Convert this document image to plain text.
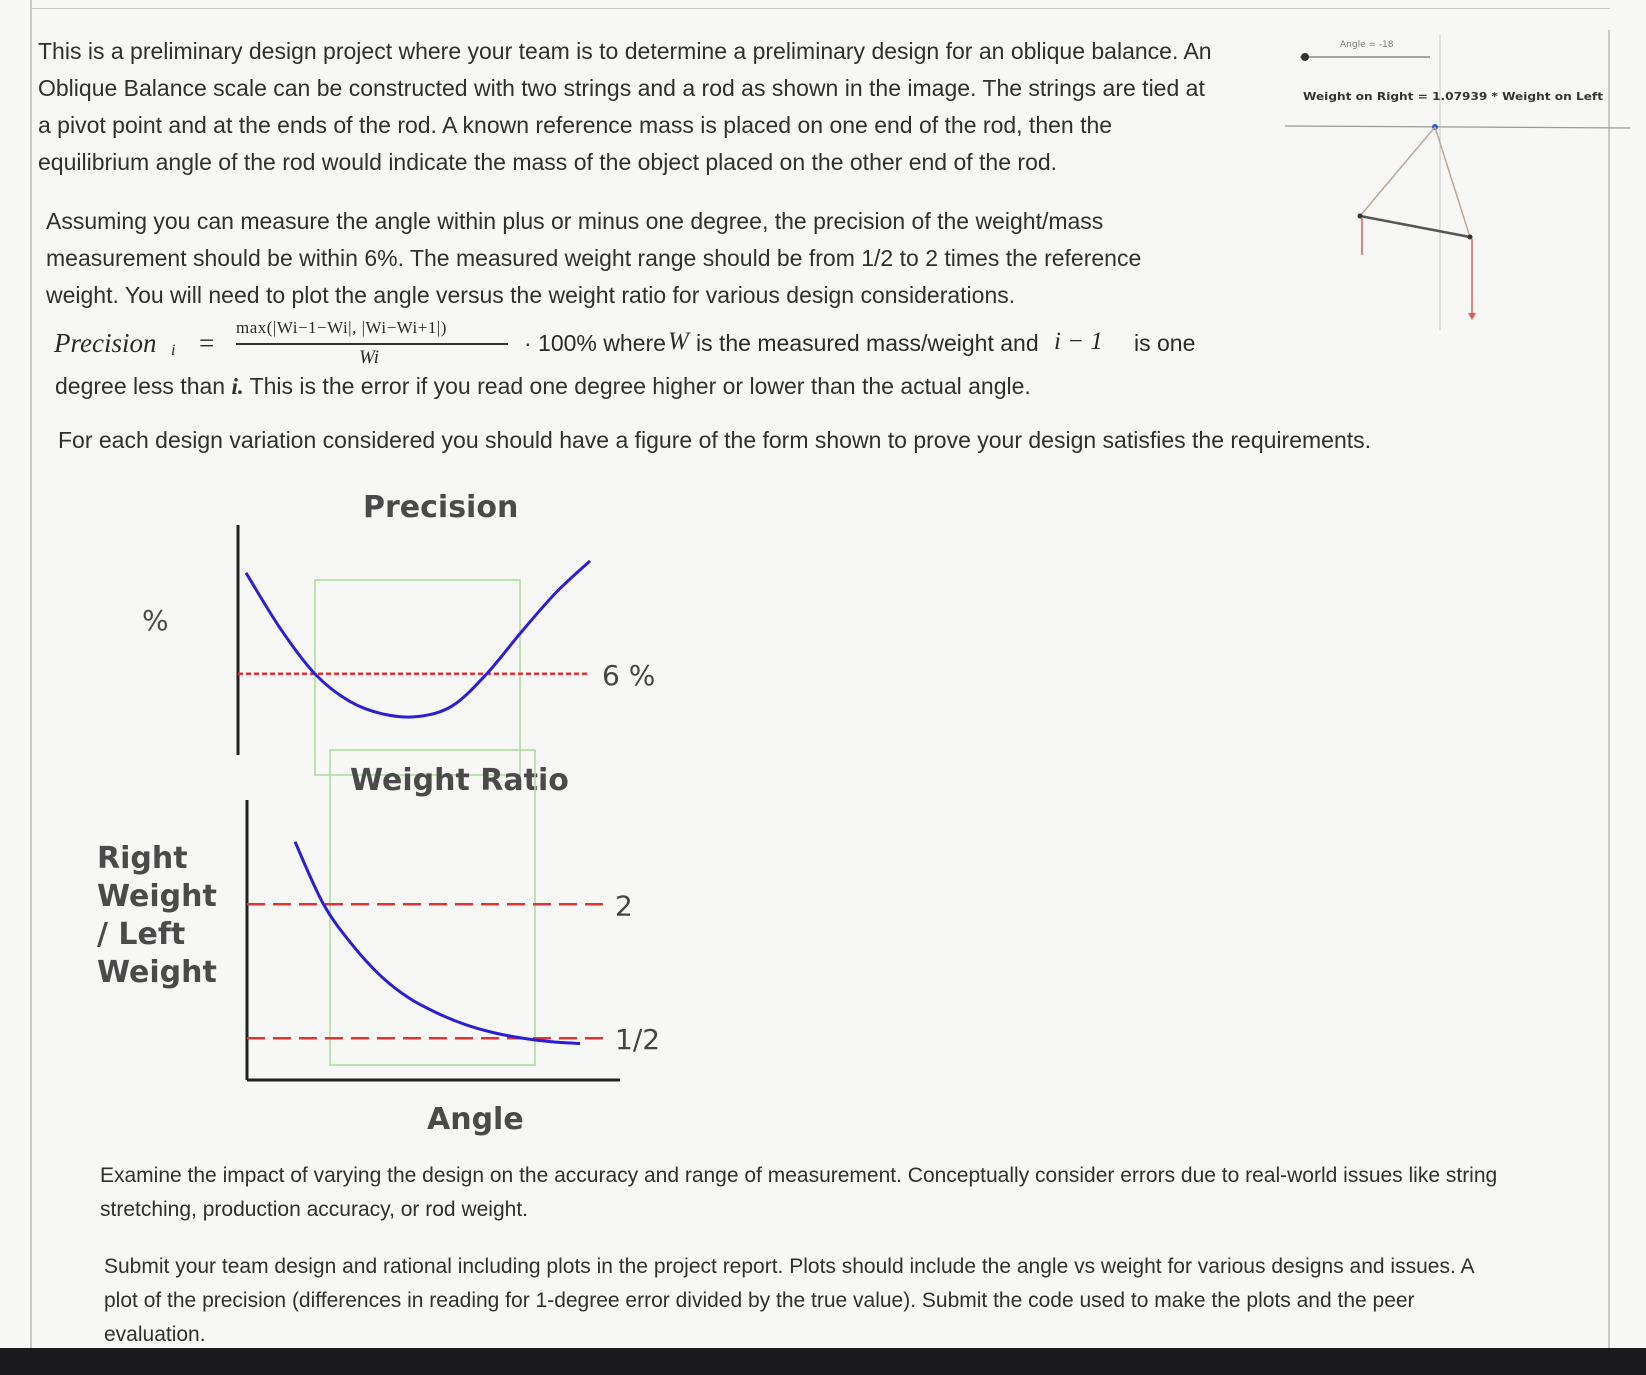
This is a preliminary design project where your team is to determine a preliminary design for an oblique balance. An
Oblique Balance scale can be constructed with two strings and a rod as shown in the image. The strings are tied at
a pivot point and at the ends of the rod. A known reference mass is placed on one end of the rod, then the
equilibrium angle of the rod would indicate the mass of the object placed on the other end of the rod.
Assuming you can measure the angle within plus or minus one degree, the precision of the weight/mass
measurement should be within 6%. The measured weight range should be from 1/2 to 2 times the reference
weight. You will need to plot the angle versus the weight ratio for various design considerations.
Precision i =
max(|Wi−1−Wi|, |Wi−Wi+1|)
Wi
· 100% where W is the measured mass/weight and i − 1 is one
degree less than i. This is the error if you read one degree higher or lower than the actual angle.
For each design variation considered you should have a figure of the form shown to prove your design satisfies the requirements.
Angle = -18
Weight on Right = 1.07939 * Weight on Left
Precision
%
6 %
Weight Ratio
Right Weight / Left Weight
2
1/2
Angle
Examine the impact of varying the design on the accuracy and range of measurement. Conceptually consider errors due to real-world issues like string
stretching, production accuracy, or rod weight.
Submit your team design and rational including plots in the project report. Plots should include the angle vs weight for various designs and issues. A
plot of the precision (differences in reading for 1-degree error divided by the true value). Submit the code used to make the plots and the peer
evaluation.
